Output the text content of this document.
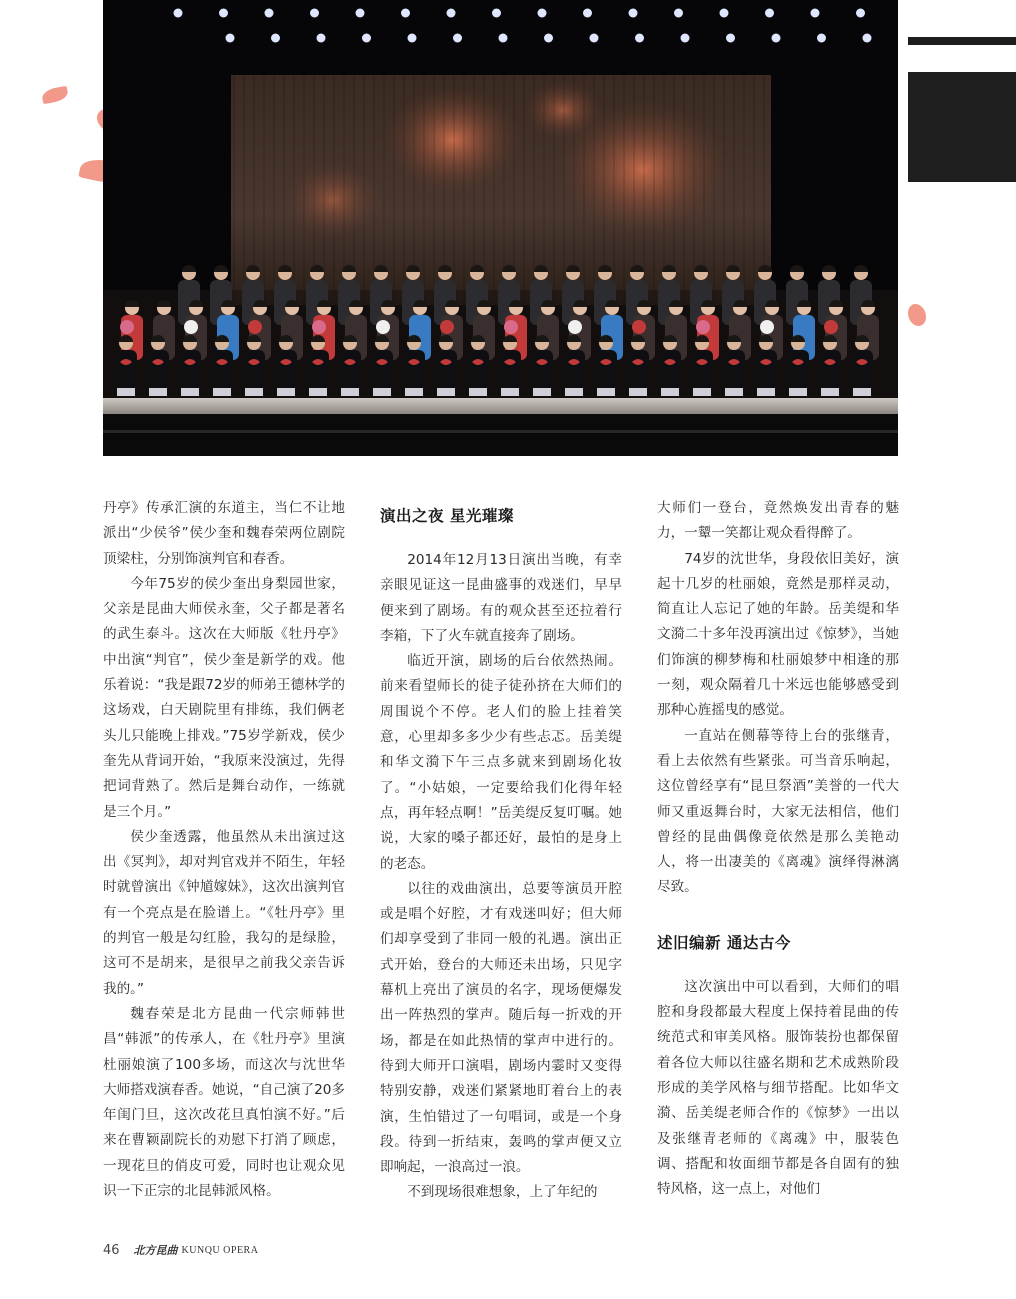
丹亭》传承汇演的东道主，当仁不让地派出“少侯爷”侯少奎和魏春荣两位剧院顶梁柱，分别饰演判官和春香。

今年75岁的侯少奎出身梨园世家，父亲是昆曲大师侯永奎，父子都是著名的武生泰斗。这次在大师版《牡丹亭》中出演“判官”，侯少奎是新学的戏。他乐着说：“我是跟72岁的师弟王德林学的这场戏，白天剧院里有排练，我们俩老头儿只能晚上排戏。”75岁学新戏，侯少奎先从背词开始，“我原来没演过，先得把词背熟了。然后是舞台动作，一练就是三个月。”

侯少奎透露，他虽然从未出演过这出《冥判》，却对判官戏并不陌生，年轻时就曾演出《钟馗嫁妹》，这次出演判官有一个亮点是在脸谱上。“《牡丹亭》里的判官一般是勾红脸，我勾的是绿脸，这可不是胡来，是很早之前我父亲告诉我的。”

魏春荣是北方昆曲一代宗师韩世昌“韩派”的传承人，在《牡丹亭》里演杜丽娘演了100多场，而这次与沈世华大师搭戏演春香。她说，“自己演了20多年闺门旦，这次改花旦真怕演不好。”后来在曹颖副院长的劝慰下打消了顾虑，一现花旦的俏皮可爱，同时也让观众见识一下正宗的北昆韩派风格。

演出之夜 星光璀璨

2014年12月13日演出当晚，有幸亲眼见证这一昆曲盛事的戏迷们，早早便来到了剧场。有的观众甚至还拉着行李箱，下了火车就直接奔了剧场。

临近开演，剧场的后台依然热闹。前来看望师长的徒子徒孙挤在大师们的周围说个不停。老人们的脸上挂着笑意，心里却多多少少有些忐忑。岳美缇和华文漪下午三点多就来到剧场化妆了。“小姑娘，一定要给我们化得年轻点，再年轻点啊！”岳美缇反复叮嘱。她说，大家的嗓子都还好，最怕的是身上的老态。

以往的戏曲演出，总要等演员开腔或是唱个好腔，才有戏迷叫好；但大师们却享受到了非同一般的礼遇。演出正式开始，登台的大师还未出场，只见字幕机上亮出了演员的名字，现场便爆发出一阵热烈的掌声。随后每一折戏的开场，都是在如此热情的掌声中进行的。待到大师开口演唱，剧场内霎时又变得特别安静，戏迷们紧紧地盯着台上的表演，生怕错过了一句唱词，或是一个身段。待到一折结束，轰鸣的掌声便又立即响起，一浪高过一浪。

不到现场很难想象，上了年纪的

大师们一登台，竟然焕发出青春的魅力，一颦一笑都让观众看得醉了。

74岁的沈世华，身段依旧美好，演起十几岁的杜丽娘，竟然是那样灵动，简直让人忘记了她的年龄。岳美缇和华文漪二十多年没再演出过《惊梦》，当她们饰演的柳梦梅和杜丽娘梦中相逢的那一刻，观众隔着几十米远也能够感受到那种心旌摇曳的感觉。

一直站在侧幕等待上台的张继青，看上去依然有些紧张。可当音乐响起，这位曾经享有“昆旦祭酒”美誉的一代大师又重返舞台时，大家无法相信，他们曾经的昆曲偶像竟依然是那么美艳动人，将一出凄美的《离魂》演绎得淋漓尽致。

述旧编新 通达古今

这次演出中可以看到，大师们的唱腔和身段都最大程度上保持着昆曲的传统范式和审美风格。服饰装扮也都保留着各位大师以往盛名期和艺术成熟阶段形成的美学风格与细节搭配。比如华文漪、岳美缇老师合作的《惊梦》一出以及张继青老师的《离魂》中，服装色调、搭配和妆面细节都是各自固有的独特风格，这一点上，对他们

46 北方昆曲 KUNQU OPERA
